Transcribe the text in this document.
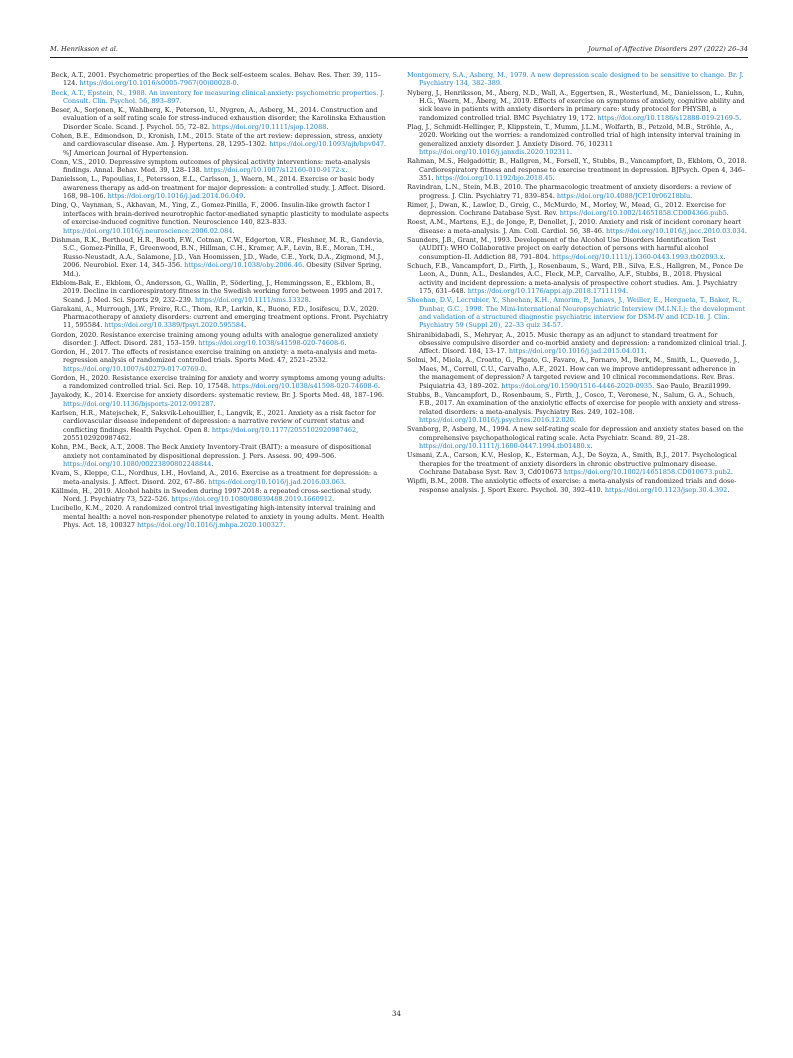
M. Henriksson et al.	Journal of Affective Disorders 297 (2022) 26–34

Beck, A.T., 2001. Psychometric properties of the Beck self-esteem scales. Behav. Res. Ther. 39, 115–124. https://doi.org/10.1016/s0005-7967(00)00028-0.

Beck, A.T., Epstein, N., 1988. An inventory for measuring clinical anxiety: psychometric properties. J. Consult. Clin. Psychol. 56, 893–897.

Beser, A., Sorjonen, K., Wahlberg, K., Peterson, U., Nygren, A., Asberg, M., 2014. Construction and evaluation of a self rating scale for stress-induced exhaustion disorder, the Karolinska Exhaustion Disorder Scale. Scand. J. Psychol. 55, 72–82. https://doi.org/10.1111/sjop.12088.

Cohen, B.E., Edmondson, D., Kronish, I.M., 2015. State of the art review: depression, stress, anxiety and cardiovascular disease. Am. J. Hypertens. 28, 1295–1302. https://doi.org/10.1093/ajh/hpv047. %J American Journal of Hypertension.

Conn, V.S., 2010. Depressive symptom outcomes of physical activity interventions: meta-analysis findings. Annal. Behav. Med. 39, 128–138. https://doi.org/10.1007/s12160-010-9172-x.

Danielsson, L., Papoulias, I., Petersson, E.L., Carlsson, J., Waern, M., 2014. Exercise or basic body awareness therapy as add-on treatment for major depression: a controlled study. J. Affect. Disord. 168, 98–106. https://doi.org/10.1016/j.jad.2014.06.049.

Ding, Q., Vaynman, S., Akhavan, M., Ying, Z., Gomez-Pinilla, F., 2006. Insulin-like growth factor I interfaces with brain-derived neurotrophic factor-mediated synaptic plasticity to modulate aspects of exercise-induced cognitive function. Neuroscience 140, 823–833. https://doi.org/10.1016/j.neuroscience.2006.02.084.

Dishman, R.K., Berthoud, H.R., Booth, F.W., Cotman, C.W., Edgerton, V.R., Fleshner, M. R., Gandevia, S.C., Gomez-Pinilla, F., Greenwood, B.N., Hillman, C.H., Kramer, A.F., Levin, B.E., Moran, T.H., Russo-Neustadt, A.A., Salamone, J.D., Van Hoomissen, J.D., Wade, C.E., York, D.A., Zigmond, M.J., 2006. Neurobiol. Exer. 14, 345–356. https://doi.org/10.1038/oby.2006.46. Obesity (Silver Spring, Md.).

Ekblom-Bak, E., Ekblom, Ö., Andersson, G., Wallin, P., Söderling, J., Hemmingsson, E., Ekblom, B., 2019. Decline in cardiorespiratory fitness in the Swedish working force between 1995 and 2017. Scand. J. Med. Sci. Sports 29, 232–239. https://doi.org/10.1111/sms.13328.

Garakani, A., Murrough, J.W., Freire, R.C., Thom, R.P., Larkin, K., Buono, F.D., Iosifescu, D.V., 2020. Pharmacotherapy of anxiety disorders: current and emerging treatment options. Front. Psychiatry 11, 595584. https://doi.org/10.3389/fpsyt.2020.595584.

Gordon, 2020. Resistance exercise training among young adults with analogue generalized anxiety disorder. J. Affect. Disord. 281, 153–159. https://doi.org/10.1038/s41598-020-74608-6.

Gordon, H., 2017. The effects of resistance exercise training on anxiety: a meta-analysis and meta-regression analysis of randomized controlled trials. Sports Med. 47, 2521–2532. https://doi.org/10.1007/s40279-017-0769-0.

Gordon, H., 2020. Resistance exercise training for anxiety and worry symptoms among young adults: a randomized controlled trial. Sci. Rep. 10, 17548. https://doi.org/10.1038/s41598-020-74608-6.

Jayakody, K., 2014. Exercise for anxiety disorders: systematic review. Br. J. Sports Med. 48, 187–196. https://doi.org/10.1136/bjsports-2012-091287.

Karlsen, H.R., Matejschek, F., Saksvik-Lehouillier, I., Langvik, E., 2021. Anxiety as a risk factor for cardiovascular disease independent of depression: a narrative review of current status and conflicting findings. Health Psychol. Open 8. https://doi.org/10.1177/2055102920987462, 2055102920987462.

Kohn, P.M., Beck, A.T., 2008. The Beck Anxiety Inventory-Trait (BAIT): a measure of dispositional anxiety not contaminated by dispositional depression. J. Pers. Assess. 90, 499–506. https://doi.org/10.1080/00223890802248844.

Kvam, S., Kleppe, C.L., Nordhus, I.H., Hovland, A., 2016. Exercise as a treatment for depression: a meta-analysis. J. Affect. Disord. 202, 67–86. https://doi.org/10.1016/j.jad.2016.03.063.

Källmén, H., 2019. Alcohol habits in Sweden during 1997-2018: a repeated cross-sectional study. Nord. J. Psychiatry 73, 522–526. https://doi.org/10.1080/08039488.2019.1660912.

Lucibello, K.M., 2020. A randomized control trial investigating high-intensity interval training and mental health: a novel non-responder phenotype related to anxiety in young adults. Ment. Health Phys. Act. 18, 100327 https://doi.org/10.1016/j.mhpa.2020.100327.

Montgomery, S.A., Asberg, M., 1979. A new depression scale designed to be sensitive to change. Br. J. Psychiatry 134, 382–389.

Nyberg, J., Henriksson, M., Åberg, N.D., Wall, A., Eggertsen, R., Westerlund, M., Danielsson, L., Kuhn, H.G., Waern, M., Åberg, M., 2019. Effects of exercise on symptoms of anxiety, cognitive ability and sick leave in patients with anxiety disorders in primary care: study protocol for PHYSBI, a randomized controlled trial. BMC Psychiatry 19, 172. https://doi.org/10.1186/s12888-019-2169-5.

Plag, J., Schmidt-Hellinger, P., Klippstein, T., Mumm, J.L.M., Wolfarth, B., Petzold, M.B., Ströhle, A., 2020. Working out the worries: a randomized controlled trial of high intensity interval training in generalized anxiety disorder. J. Anxiety Disord. 76, 102311 https://doi.org/10.1016/j.janxdis.2020.102311.

Rahman, M.S., Helgadóttir, B., Hallgren, M., Forsell, Y., Stubbs, B., Vancampfort, D., Ekblom, Ö., 2018. Cardiorespiratory fitness and response to exercise treatment in depression. BJPsych. Open 4, 346–351. https://doi.org/10.1192/bjo.2018.45.

Ravindran, L.N., Stein, M.B., 2010. The pharmacologic treatment of anxiety disorders: a review of progress. J. Clin. Psychiatry 71, 839–854. https://doi.org/10.4088/JCP.10r06218blu.

Rimer, J., Dwan, K., Lawlor, D., Greig, C., McMurdo, M., Morley, W., Mead, G., 2012. Exercise for depression. Cochrane Database Syst. Rev. https://doi.org/10.1002/14651858.CD004366.pub5.

Roest, A.M., Martens, E.J., de Jonge, P., Denollet, J., 2010. Anxiety and risk of incident coronary heart disease: a meta-analysis. J. Am. Coll. Cardiol. 56, 38–46. https://doi.org/10.1016/j.jacc.2010.03.034.

Saunders, J.B., Grant, M., 1993. Development of the Alcohol Use Disorders Identification Test (AUDIT): WHO Collaborative project on early detection of persons with harmful alcohol consumption–II. Addiction 88, 791–804. https://doi.org/10.1111/j.1360-0443.1993.tb02093.x.

Schuch, F.B., Vancampfort, D., Firth, J., Rosenbaum, S., Ward, P.B., Silva, E.S., Hallgren, M., Ponce De Leon, A., Dunn, A.L., Deslandes, A.C., Fleck, M.P., Carvalho, A.F., Stubbs, B., 2018. Physical activity and incident depression: a meta-analysis of prospective cohort studies. Am. J. Psychiatry 175, 631–648. https://doi.org/10.1176/appi.ajp.2018.17111194.

Sheehan, D.V., Lecrubier, Y., Sheehan, K.H., Amorim, P., Janavs, J., Weiller, E., Hergueta, T., Baker, R., Dunbar, G.C., 1998. The Mini-International Neuropsychiatric Interview (M.I.N.I.): the development and validation of a structured diagnostic psychiatric interview for DSM-IV and ICD-10. J. Clin. Psychiatry 59 (Suppl 20), 22–33 quiz 34-57.

Shiranibidabadi, S., Mehryar, A., 2015. Music therapy as an adjunct to standard treatment for obsessive compulsive disorder and co-morbid anxiety and depression: a randomized clinical trial. J. Affect. Disord. 184, 13–17. https://doi.org/10.1016/j.jad.2015.04.011.

Solmi, M., Miola, A., Croatto, G., Pigato, G., Favaro, A., Fornaro, M., Berk, M., Smith, L., Quevedo, J., Maes, M., Correll, C.U., Carvalho, A.F., 2021. How can we improve antidepressant adherence in the management of depression? A targeted review and 10 clinical recommendations. Rev. Bras. Psiquiatria 43, 189–202. https://doi.org/10.1590/1516-4446-2020-0935. Sao Paulo, Brazil1999.

Stubbs, B., Vancampfort, D., Rosenbaum, S., Firth, J., Cosco, T., Veronese, N., Salum, G. A., Schuch, F.B., 2017. An examination of the anxiolytic effects of exercise for people with anxiety and stress-related disorders: a meta-analysis. Psychiatry Res. 249, 102–108. https://doi.org/10.1016/j.psychres.2016.12.020.

Svanborg, P., Asberg, M., 1994. A new self-rating scale for depression and anxiety states based on the comprehensive psychopathological rating scale. Acta Psychiatr. Scand. 89, 21–28. https://doi.org/10.1111/j.1600-0447.1994.tb01480.x.

Usmani, Z.A., Carson, K.V., Heslop, K., Esterman, A.J., De Soyza, A., Smith, B.J., 2017. Psychological therapies for the treatment of anxiety disorders in chronic obstructive pulmonary disease. Cochrane Database Syst. Rev. 3, Cd010673 https://doi.org/10.1002/14651858.CD010673.pub2.

Wipfli, B.M., 2008. The anxiolytic effects of exercise: a meta-analysis of randomized trials and dose-response analysis. J. Sport Exerc. Psychol. 30, 392–410. https://doi.org/10.1123/jsep.30.4.392.

34
